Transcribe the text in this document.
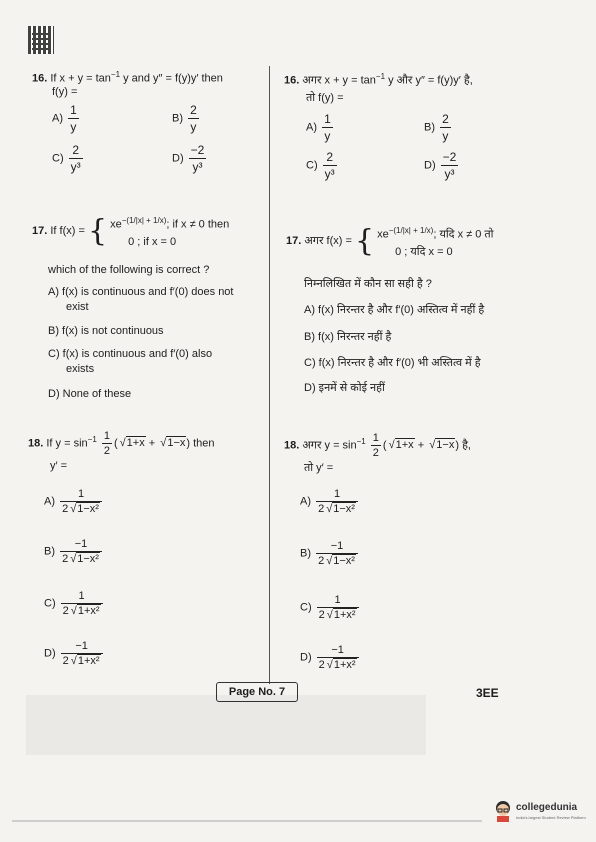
16. If $x + y = \tan^{-1} y$ and y″ = f(y)y′ then
f(y) =
$A) \frac{1}{y}$	$B) \frac{2}{y}$
$C) \frac{2}{\text{y³}}$	$D) \frac{-2}{\text{y³}}$
16. अगर $x + y = \tan^{-1} y$ और y″ = f(y)y′ है,
तो f(y) =
$A) \frac{1}{y}$	$B) \frac{2}{y}$
$C) \frac{2}{\text{y³}}$	$D) \frac{-2}{\text{y³}}$
17. If f(x) = { $xe^{-(1/|x| + 1/x)}$; if x ≠ 0 then
0 ; if x = 0
which of the following is correct ?
A) f(x) is continuous and f′(0) does not
exist
B) f(x) is not continuous
C) f(x) is continuous and f′(0) also
exists
D) None of these
17. अगर f(x) = { $xe^{-(1/|x| + 1/x)}$; यदि x ≠ 0 तो
0 ; यदि x = 0
निम्नलिखित में कौन सा सही है ?
A) f(x) निरन्तर है और f′(0) अस्तित्व में नहीं है
B) f(x) निरन्तर नहीं है
C) f(x) निरन्तर है और f′(0) भी अस्तित्व में है
D) इनमें से कोई नहीं
18. If $y = \sin^{-1} \frac{1}{2}$ ( √ 1+x + √ 1−x) then
y′ =
18. अगर $y = \sin^{-1} \frac{1}{2}$ ( √ 1+x + √ 1−x) है,
तो y′ =
$A) \frac{1}{\text{2 √ 1−x²}}$
$B) \frac{-1}{\text{2 √ 1−x²}}$
$C) \frac{1}{\text{2 √ 1+x²}}$
$D) \frac{-1}{\text{2 √ 1+x²}}$
$A) \frac{1}{\text{2 √ 1−x²}}$
$B) \frac{-1}{\text{2 √ 1−x²}}$
$C) \frac{1}{\text{2 √ 1+x²}}$
$D) \frac{-1}{\text{2 √ 1+x²}}$
Page No. 7	3EE
collegedunia
India's largest Student Review Platform
